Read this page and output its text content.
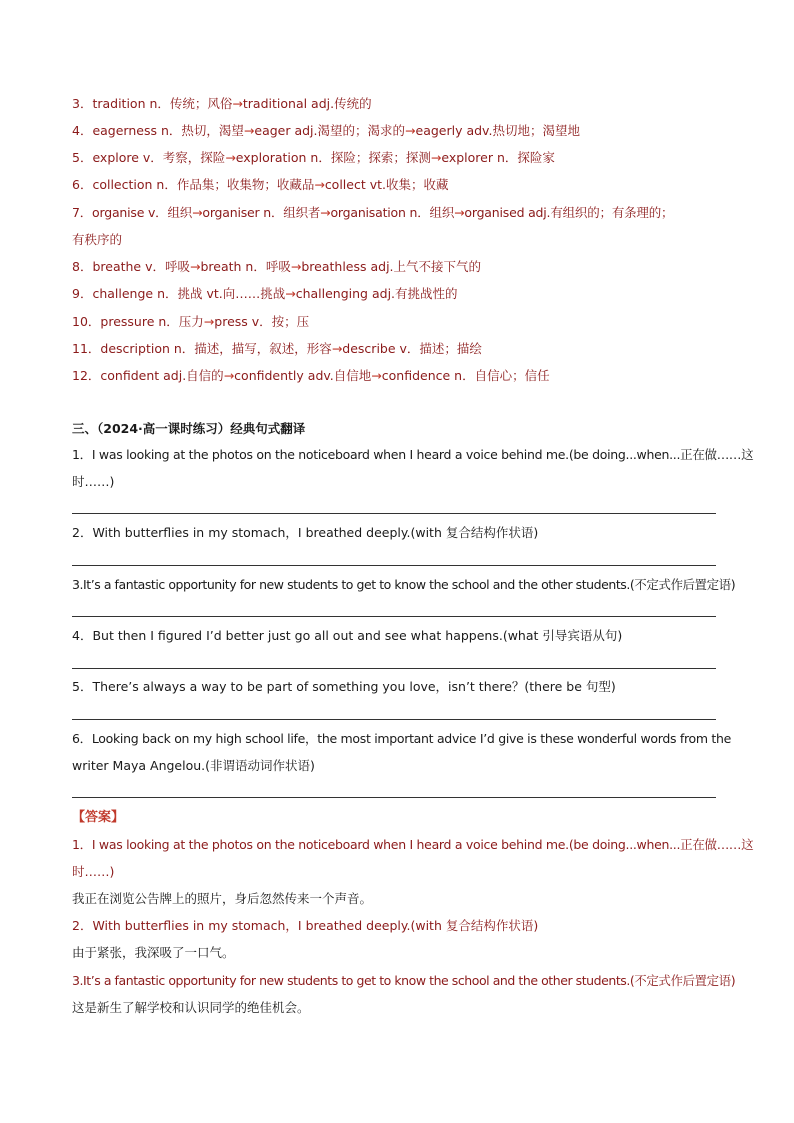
3．tradition n．传统；风俗→traditional adj.传统的
4．eagerness n．热切，渴望→eager adj.渴望的；渴求的→eagerly adv.热切地；渴望地
5．explore v．考察，探险→exploration n．探险；探索；探测→explorer n．探险家
6．collection n．作品集；收集物；收藏品→collect vt.收集；收藏
7．organise v．组织→organiser n．组织者→organisation n．组织→organised adj.有组织的；有条理的；
有秩序的
8．breathe v．呼吸→breath n．呼吸→breathless adj.上气不接下气的
9．challenge n．挑战 vt.向……挑战→challenging adj.有挑战性的
10．pressure n．压力→press v．按；压
11．description n．描述，描写，叙述，形容→describe v．描述；描绘
12．confident adj.自信的→confidently adv.自信地→confidence n．自信心；信任
三、（2024·高一课时练习）经典句式翻译
1．I was looking at the photos on the noticeboard when I heard a voice behind me.(be doing...when...正在做……这
时……)
2．With butterflies in my stomach，I breathed deeply.(with 复合结构作状语)
3.It’s a fantastic opportunity for new students to get to know the school and the other students.(不定式作后置定语)
4．But then I figured I’d better just go all out and see what happens.(what 引导宾语从句)
5．There’s always a way to be part of something you love，isn’t there？(there be 句型)
6．Looking back on my high school life，the most important advice I’d give is these wonderful words from the
writer Maya Angelou.(非谓语动词作状语)
【答案】
1．I was looking at the photos on the noticeboard when I heard a voice behind me.(be doing...when...正在做……这
时……)
我正在浏览公告牌上的照片，身后忽然传来一个声音。
2．With butterflies in my stomach，I breathed deeply.(with 复合结构作状语)
由于紧张，我深吸了一口气。
3.It’s a fantastic opportunity for new students to get to know the school and the other students.(不定式作后置定语)
这是新生了解学校和认识同学的绝佳机会。
